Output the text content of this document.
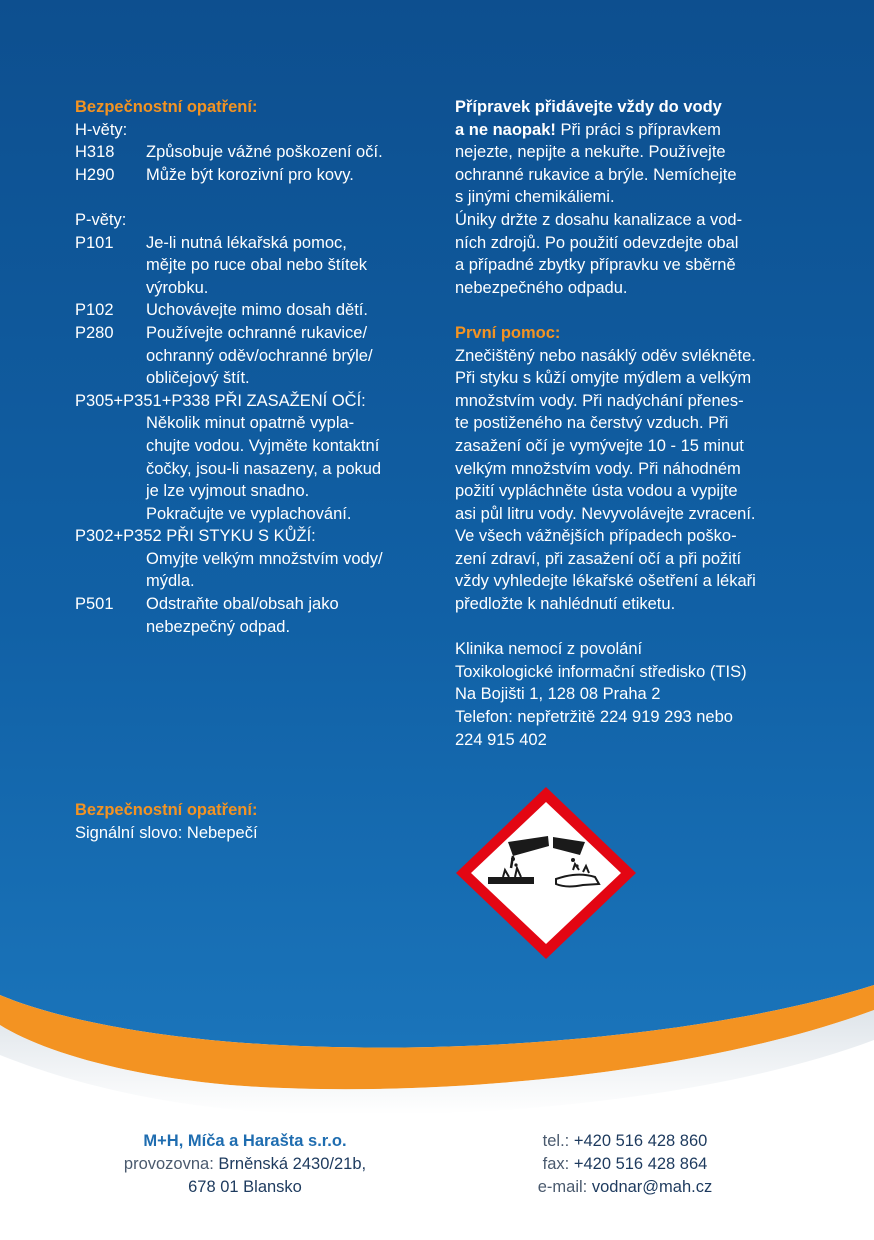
Bezpečnostní opatření:
H-věty:
H318	Způsobuje vážné poškození očí.
H290	Může být korozivní pro kovy.
P-věty:
P101	Je-li nutná lékařská pomoc,
mějte po ruce obal nebo štítek
výrobku.
P102	Uchovávejte mimo dosah dětí.
P280	Používejte ochranné rukavice/
ochranný oděv/ochranné brýle/
obličejový štít.
P305+P351+P338 PŘI ZASAŽENÍ OČÍ:
Několik minut opatrně vypla-
chujte vodou. Vyjměte kontaktní
čočky, jsou-li nasazeny, a pokud
je lze vyjmout snadno.
Pokračujte ve vyplachování.
P302+P352 PŘI STYKU S KŮŽÍ:
Omyjte velkým množstvím vody/
mýdla.
P501	Odstraňte obal/obsah jako
nebezpečný odpad.
Přípravek přidávejte vždy do vody
a ne naopak! Při práci s přípravkem
nejezte, nepijte a nekuřte. Používejte
ochranné rukavice a brýle. Nemíchejte
s jinými chemikáliemi.
Úniky držte z dosahu kanalizace a vod-
ních zdrojů. Po použití odevzdejte obal
a případné zbytky přípravku ve sběrně
nebezpečného odpadu.
První pomoc:
Znečištěný nebo nasáklý oděv svlékněte.
Při styku s kůží omyjte mýdlem a velkým
množstvím vody. Při nadýchání přenes-
te postiženého na čerstvý vzduch. Při
zasažení očí je vymývejte 10 - 15 minut
velkým množstvím vody. Při náhodném
požití vypláchněte ústa vodou a vypijte
asi půl litru vody. Nevyvolávejte zvracení.
Ve všech vážnějších případech poško-
zení zdraví, při zasažení očí a při požití
vždy vyhledejte lékařské ošetření a lékaři
předložte k nahlédnutí etiketu.
Klinika nemocí z povolání
Toxikologické informační středisko (TIS)
Na Bojišti 1, 128 08 Praha 2
Telefon: nepřetržitě 224 919 293 nebo
224 915 402
Bezpečnostní opatření:
Signální slovo: Nebepečí
M+H, Míča a Harašta s.r.o.
provozovna: Brněnská 2430/21b,
678 01 Blansko
tel.: +420 516 428 860
fax: +420 516 428 864
e-mail: vodnar@mah.cz
